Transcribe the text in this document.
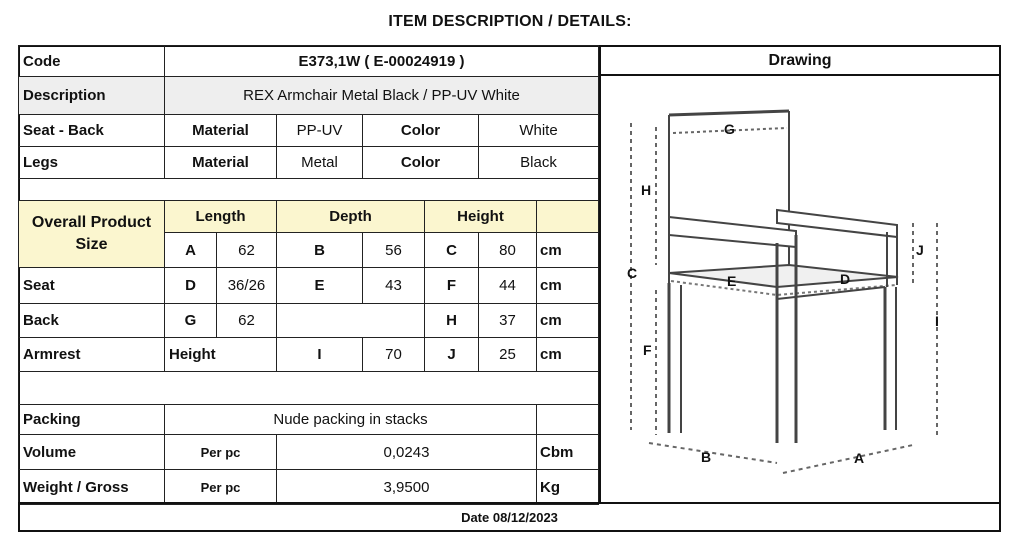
ITEM DESCRIPTION / DETAILS:
Code	E373,1W ( E-00024919 )						
Description	REX Armchair Metal Black / PP-UV White						
Seat - Back	Material		PP-UV	Color		White	
Legs	Material		Metal	Color		Black	

Overall Product Size	Length		Depth		Height		
	A	62	B	56	C	80	cm
Seat	D	36/26	E	43	F	44	cm
Back	G	62			H	37	cm
Armrest	Height		I	70	J	25	cm

Packing	Nude packing in stacks						
Volume	Per pc		0,0243				Cbm
Weight / Gross	Per pc		3,9500				Kg
Drawing
G
H
C	E	D
J
I
F
B	A
Date 08/12/2023
